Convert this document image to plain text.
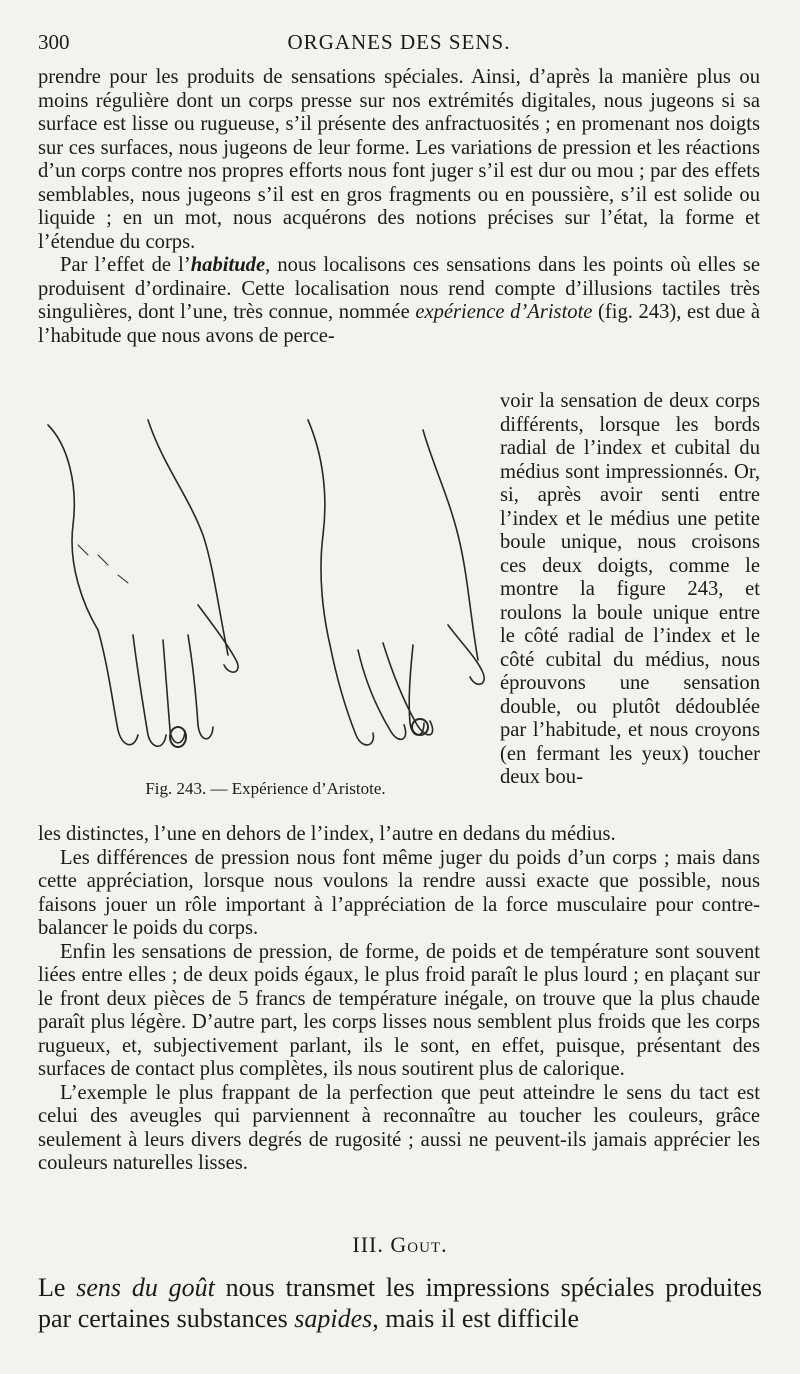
300	ORGANES DES SENS.

prendre pour les produits de sensations spéciales. Ainsi, d’après la manière plus ou moins régulière dont un corps presse sur nos extrémités digitales, nous jugeons si sa surface est lisse ou rugueuse, s’il présente des anfractuosités ; en promenant nos doigts sur ces surfaces, nous jugeons de leur forme. Les variations de pression et les réactions d’un corps contre nos propres efforts nous font juger s’il est dur ou mou ; par des effets semblables, nous jugeons s’il est en gros fragments ou en poussière, s’il est solide ou liquide ; en un mot, nous acquérons des notions précises sur l’état, la forme et l’étendue du corps.

Par l’effet de l’habitude, nous localisons ces sensations dans les points où elles se produisent d’ordinaire. Cette localisation nous rend compte d’illusions tactiles très singulières, dont l’une, très connue, nommée expérience d’Aristote (fig. 243), est due à l’habitude que nous avons de perce-

Fig. 243. — Expérience d’Aristote.
voir la sensation de deux corps différents, lorsque les bords radial de l’index et cubital du médius sont impressionnés. Or, si, après avoir senti entre l’index et le médius une petite boule unique, nous croisons ces deux doigts, comme le montre la figure 243, et roulons la boule unique entre le côté radial de l’index et le côté cubital du médius, nous éprouvons une sensation double, ou plutôt dédoublée par l’habitude, et nous croyons (en fermant les yeux) toucher deux bou-

les distinctes, l’une en dehors de l’index, l’autre en dedans du médius.

Les différences de pression nous font même juger du poids d’un corps ; mais dans cette appréciation, lorsque nous voulons la rendre aussi exacte que possible, nous faisons jouer un rôle important à l’appréciation de la force musculaire pour contre-balancer le poids du corps.

Enfin les sensations de pression, de forme, de poids et de température sont souvent liées entre elles ; de deux poids égaux, le plus froid paraît le plus lourd ; en plaçant sur le front deux pièces de 5 francs de température inégale, on trouve que la plus chaude paraît plus légère. D’autre part, les corps lisses nous semblent plus froids que les corps rugueux, et, subjectivement parlant, ils le sont, en effet, puisque, présentant des surfaces de contact plus complètes, ils nous soutirent plus de calorique.

L’exemple le plus frappant de la perfection que peut atteindre le sens du tact est celui des aveugles qui parviennent à reconnaître au toucher les couleurs, grâce seulement à leurs divers degrés de rugosité ; aussi ne peuvent-ils jamais apprécier les couleurs naturelles lisses.

III. Gout.
Le sens du goût nous transmet les impressions spéciales produites par certaines substances sapides, mais il est difficile
